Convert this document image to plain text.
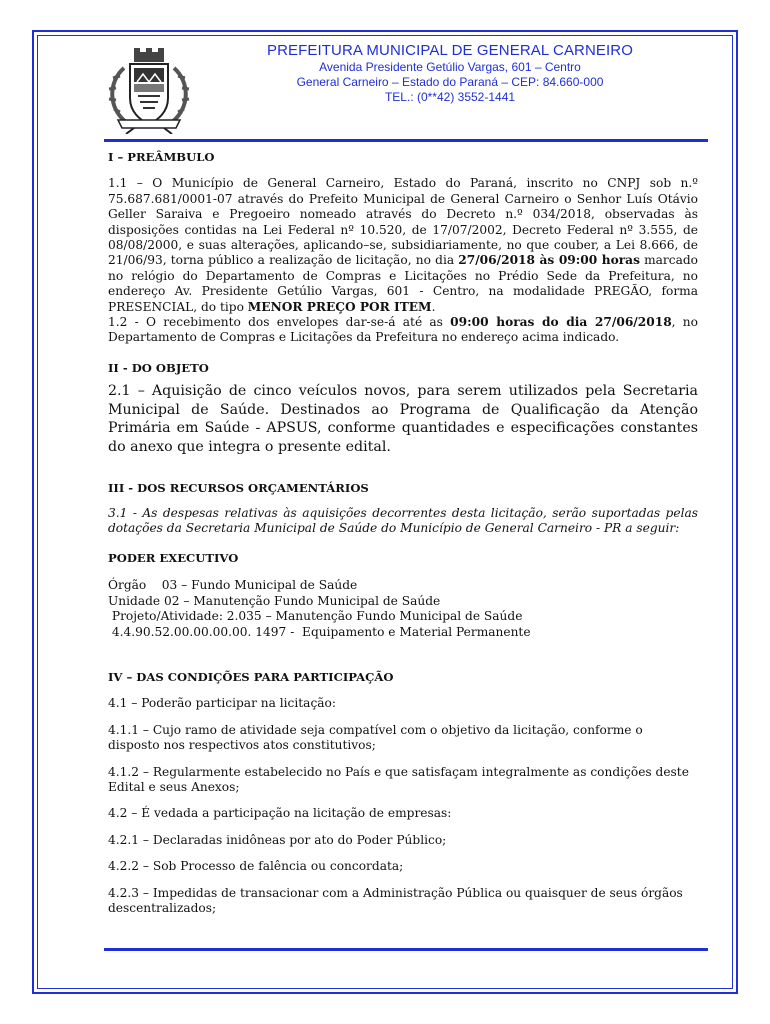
PREFEITURA MUNICIPAL DE GENERAL CARNEIRO
Avenida Presidente Getúlio Vargas, 601 – Centro
General Carneiro – Estado do Paraná – CEP: 84.660-000
TEL.: (0**42) 3552-1441

I – PREÂMBULO

1.1 – O Município de General Carneiro, Estado do Paraná, inscrito no CNPJ sob n.º 75.687.681/0001-07 através do Prefeito Municipal de General Carneiro o Senhor Luís Otávio Geller Saraiva e Pregoeiro nomeado através do Decreto n.º 034/2018, observadas às disposições contidas na Lei Federal nº 10.520, de 17/07/2002, Decreto Federal nº 3.555, de 08/08/2000, e suas alterações, aplicando–se, subsidiariamente, no que couber, a Lei 8.666, de 21/06/93, torna público a realização de licitação, no dia 27/06/2018 às 09:00 horas marcado no relógio do Departamento de Compras e Licitações no Prédio Sede da Prefeitura, no endereço Av. Presidente Getúlio Vargas, 601 - Centro, na modalidade PREGÃO, forma PRESENCIAL, do tipo MENOR PREÇO POR ITEM.

1.2 - O recebimento dos envelopes dar-se-á até as 09:00 horas do dia 27/06/2018, no Departamento de Compras e Licitações da Prefeitura no endereço acima indicado.

II - DO OBJETO

2.1 – Aquisição de cinco veículos novos, para serem utilizados pela Secretaria Municipal de Saúde. Destinados ao Programa de Qualificação da Atenção Primária em Saúde - APSUS, conforme quantidades e especificações constantes do anexo que integra o presente edital.

III - DOS RECURSOS ORÇAMENTÁRIOS

3.1 - As despesas relativas às aquisições decorrentes desta licitação, serão suportadas pelas dotações da Secretaria Municipal de Saúde do Município de General Carneiro - PR a seguir:

PODER EXECUTIVO

Órgão    03 – Fundo Municipal de Saúde

Unidade 02 – Manutenção Fundo Municipal de Saúde

Projeto/Atividade: 2.035 – Manutenção Fundo Municipal de Saúde

4.4.90.52.00.00.00.00. 1497 -  Equipamento e Material Permanente

IV – DAS CONDIÇÕES PARA PARTICIPAÇÃO

4.1 – Poderão participar na licitação:

4.1.1 – Cujo ramo de atividade seja compatível com o objetivo da licitação, conforme o disposto nos respectivos atos constitutivos;

4.1.2 – Regularmente estabelecido no País e que satisfaçam integralmente as condições deste Edital e seus Anexos;

4.2 – É vedada a participação na licitação de empresas:

4.2.1 – Declaradas inidôneas por ato do Poder Público;

4.2.2 – Sob Processo de falência ou concordata;

4.2.3 – Impedidas de transacionar com a Administração Pública ou quaisquer de seus órgãos descentralizados;
